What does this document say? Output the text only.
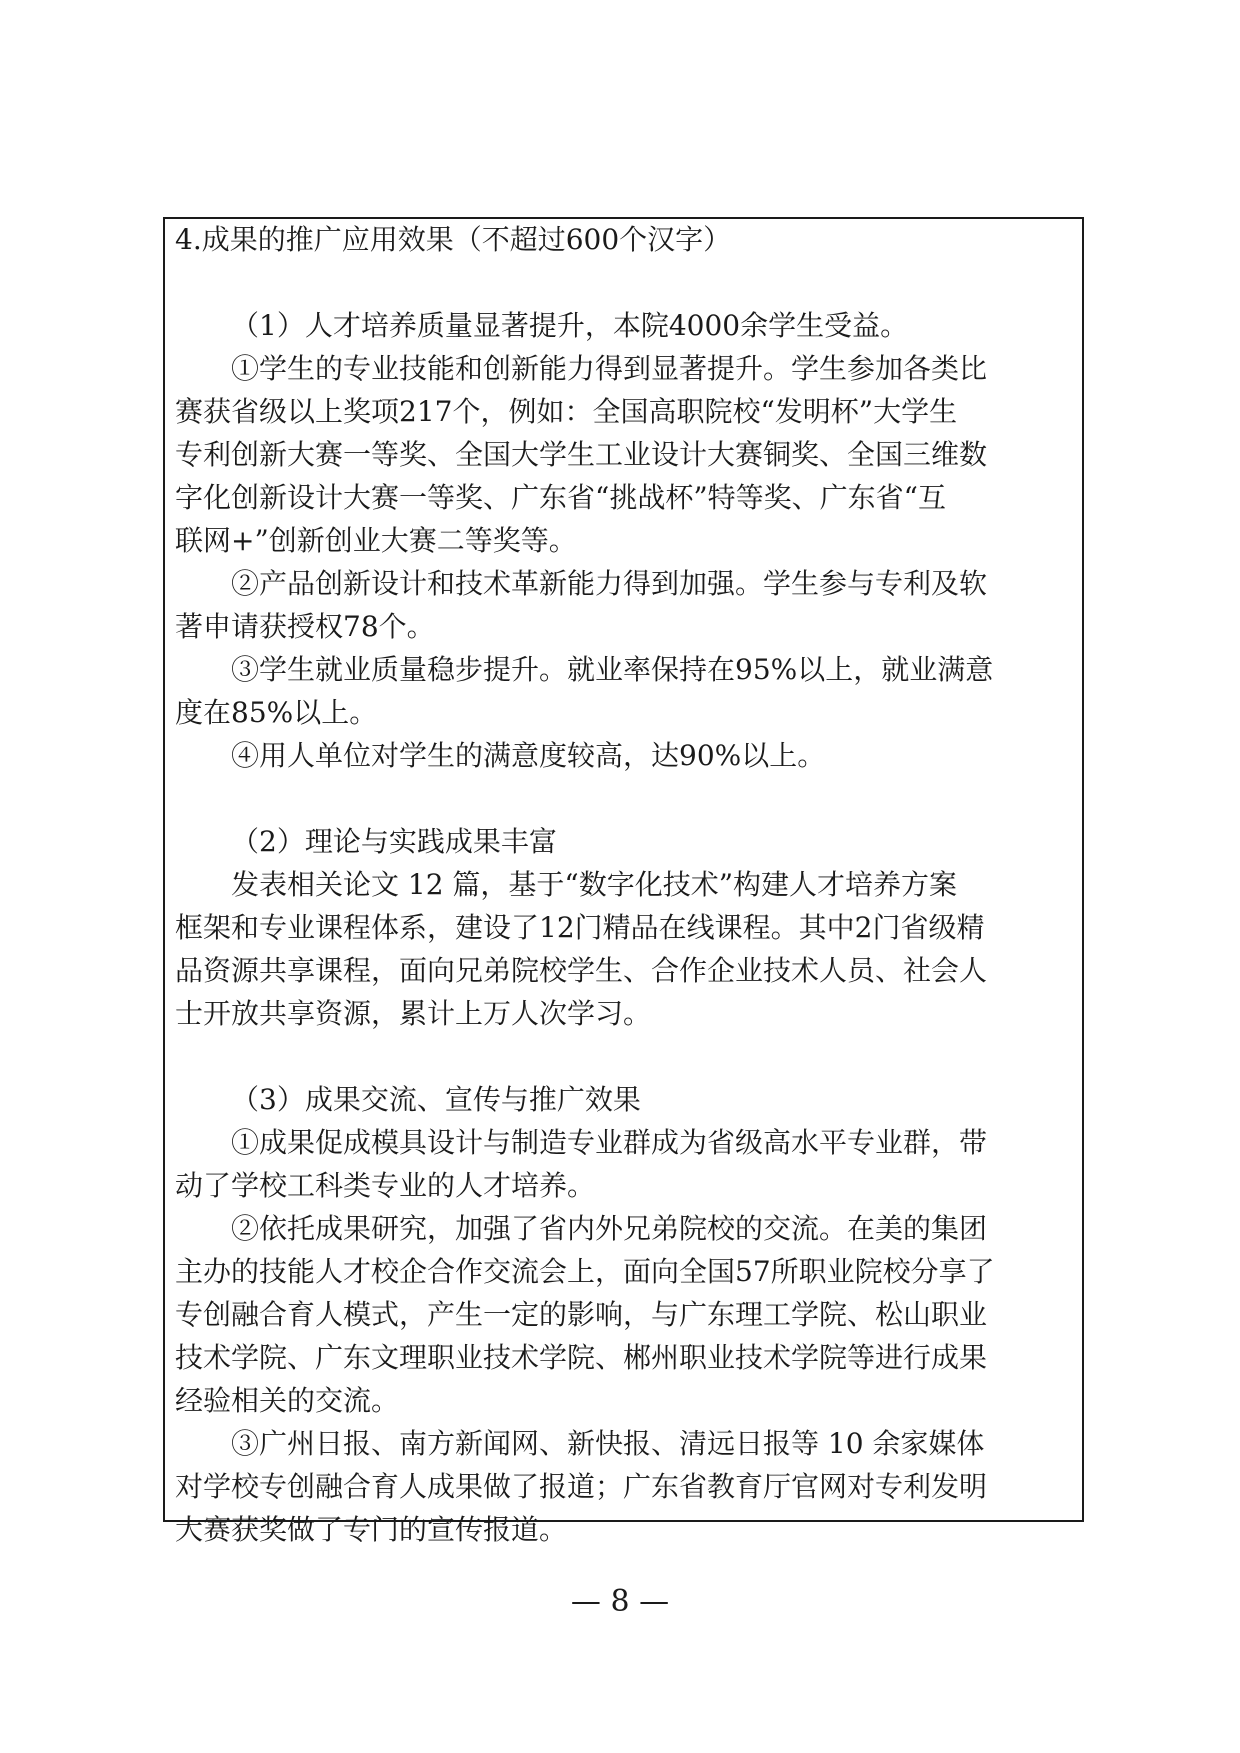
4.成果的推广应用效果（不超过600个汉字）
（1）人才培养质量显著提升，本院4000余学生受益。
①学生的专业技能和创新能力得到显著提升。学生参加各类比
赛获省级以上奖项217个，例如：全国高职院校“发明杯”大学生
专利创新大赛一等奖、全国大学生工业设计大赛铜奖、全国三维数
字化创新设计大赛一等奖、广东省“挑战杯”特等奖、广东省“互
联网+”创新创业大赛二等奖等。
②产品创新设计和技术革新能力得到加强。学生参与专利及软
著申请获授权78个。
③学生就业质量稳步提升。就业率保持在95%以上，就业满意
度在85%以上。
④用人单位对学生的满意度较高，达90%以上。
（2）理论与实践成果丰富
发表相关论文 12 篇，基于“数字化技术”构建人才培养方案
框架和专业课程体系，建设了12门精品在线课程。其中2门省级精
品资源共享课程，面向兄弟院校学生、合作企业技术人员、社会人
士开放共享资源，累计上万人次学习。
（3）成果交流、宣传与推广效果
①成果促成模具设计与制造专业群成为省级高水平专业群，带
动了学校工科类专业的人才培养。
②依托成果研究，加强了省内外兄弟院校的交流。在美的集团
主办的技能人才校企合作交流会上，面向全国57所职业院校分享了
专创融合育人模式，产生一定的影响，与广东理工学院、松山职业
技术学院、广东文理职业技术学院、郴州职业技术学院等进行成果
经验相关的交流。
③广州日报、南方新闻网、新快报、清远日报等 10 余家媒体
对学校专创融合育人成果做了报道；广东省教育厅官网对专利发明
大赛获奖做了专门的宣传报道。
— 8 —
